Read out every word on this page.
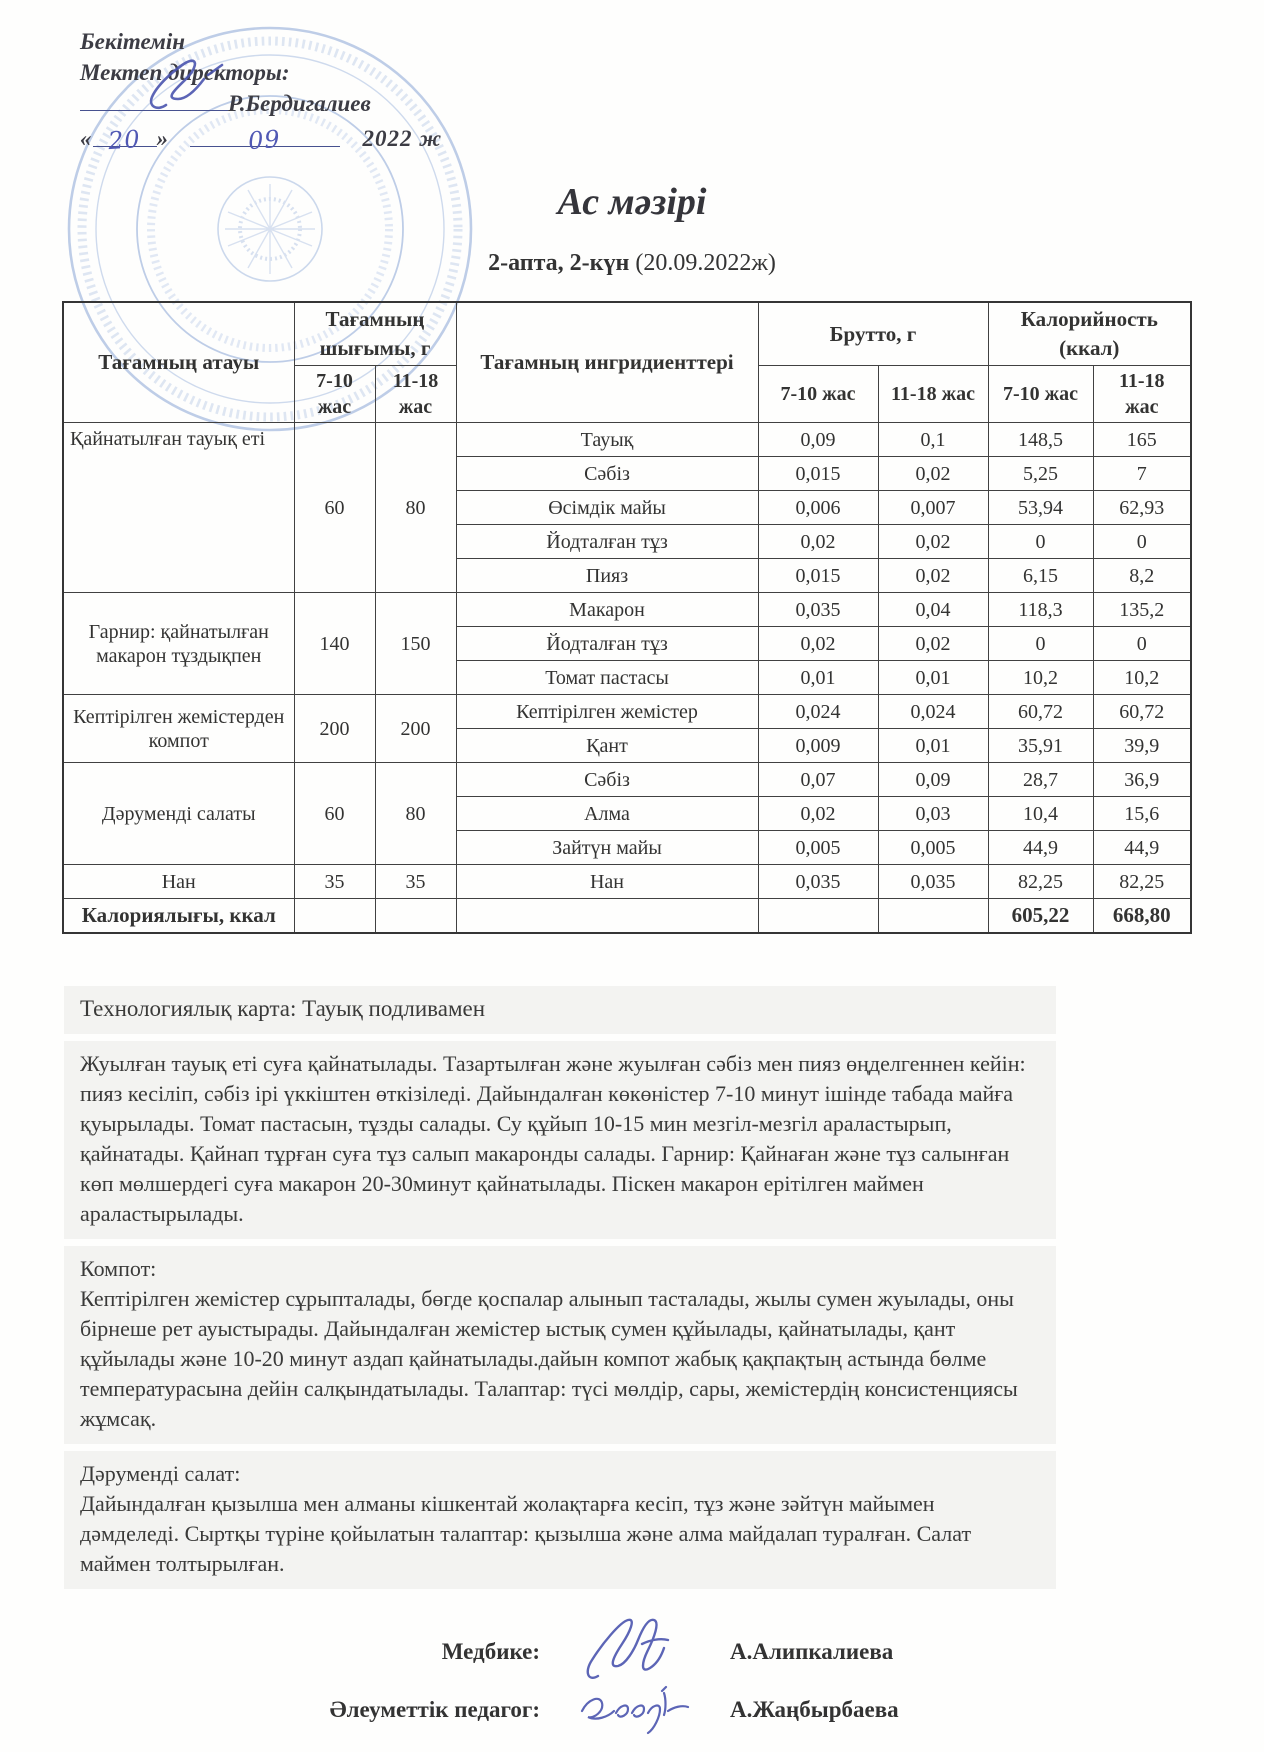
Бекітемін
Мектеп директоры:
Р.Бердигалиев
« 20 »	09	2022 ж
Ас мәзірі
2-апта, 2-күн (20.09.2022ж)
Тағамның атауы	Тағамның шығымы, г		Тағамның ингридиенттері	Брутто, г		Калорийность (ккал)	
	7-10 жас	11-18 жас		7-10 жас	11-18 жас	7-10 жас	11-18 жас
Қайнатылған тауық еті	60	80	Тауық	0,09	0,1	148,5	165
			Сәбіз	0,015	0,02	5,25	7
			Өсімдік майы	0,006	0,007	53,94	62,93
			Йодталған тұз	0,02	0,02	0	0
			Пияз	0,015	0,02	6,15	8,2
Гарнир: қайнатылған макарон тұздықпен	140	150	Макарон	0,035	0,04	118,3	135,2
			Йодталған тұз	0,02	0,02	0	0
			Томат пастасы	0,01	0,01	10,2	10,2
Кептірілген жемістерден компот	200	200	Кептірілген жемістер	0,024	0,024	60,72	60,72
			Қант	0,009	0,01	35,91	39,9
Дәруменді салаты	60	80	Сәбіз	0,07	0,09	28,7	36,9
			Алма	0,02	0,03	10,4	15,6
			Зайтүн майы	0,005	0,005	44,9	44,9
Нан	35	35	Нан	0,035	0,035	82,25	82,25
Калориялығы, ккал						605,22	668,80
Технологиялық карта: Тауық подливамен
Жуылған тауық еті суға қайнатылады. Тазартылған және жуылған сәбіз мен пияз өңделгеннен кейін: пияз кесіліп, сәбіз ірі үккіштен өткізіледі. Дайындалған көкөністер 7-10 минут ішінде табада майға қуырылады. Томат пастасын, тұзды салады. Су құйып 10-15 мин мезгіл-мезгіл араластырып, қайнатады. Қайнап тұрған суға тұз салып макаронды салады. Гарнир: Қайнаған және тұз салынған көп мөлшердегі суға макарон 20-30минут қайнатылады. Піскен макарон ерітілген маймен араластырылады.
Компот:
Кептірілген жемістер сұрыпталады, бөгде қоспалар алынып тасталады, жылы сумен жуылады, оны бірнеше рет ауыстырады. Дайындалған жемістер ыстық сумен құйылады, қайнатылады, қант құйылады және 10-20 минут аздап қайнатылады.дайын компот жабық қақпақтың астында бөлме температурасына дейін салқындатылады. Талаптар: түсі мөлдір, сары, жемістердің консистенциясы жұмсақ.
Дәруменді салат:
Дайындалған қызылша мен алманы кішкентай жолақтарға кесіп, тұз және зәйтүн майымен дәмделеді. Сыртқы түріне қойылатын талаптар: қызылша және алма майдалап туралған. Салат маймен толтырылған.
Медбике:	А.Алипкалиева
Әлеуметтік педагог:	А.Жаңбырбаева
